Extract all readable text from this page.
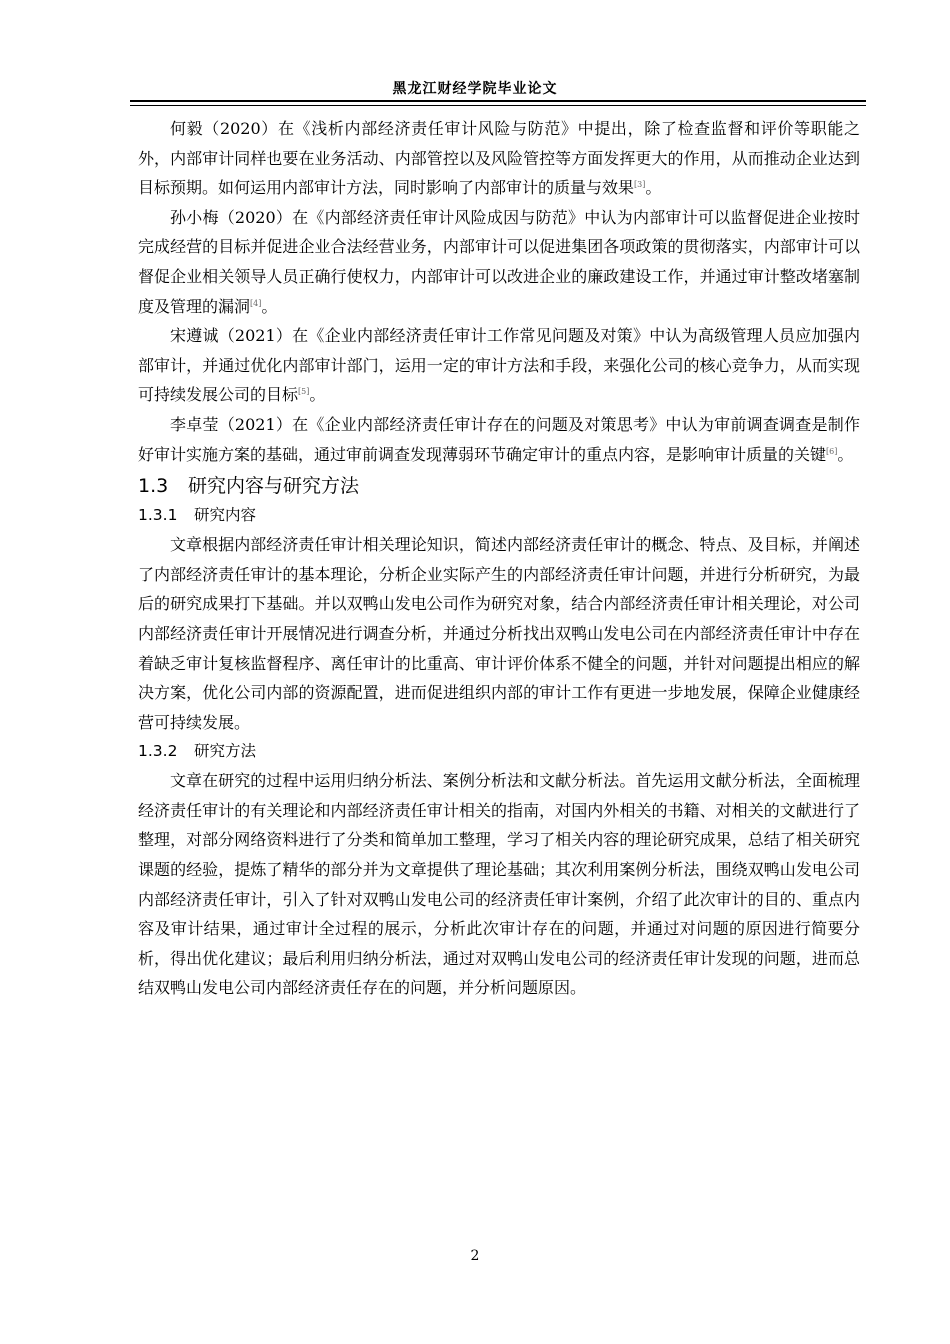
黑龙江财经学院毕业论文

何毅（2020）在《浅析内部经济责任审计风险与防范》中提出，除了检查监督和评价等职能之外，内部审计同样也要在业务活动、内部管控以及风险管控等方面发挥更大的作用，从而推动企业达到目标预期。如何运用内部审计方法，同时影响了内部审计的质量与效果[3]。

孙小梅（2020）在《内部经济责任审计风险成因与防范》中认为内部审计可以监督促进企业按时完成经营的目标并促进企业合法经营业务，内部审计可以促进集团各项政策的贯彻落实，内部审计可以督促企业相关领导人员正确行使权力，内部审计可以改进企业的廉政建设工作，并通过审计整改堵塞制度及管理的漏洞[4]。

宋遵诚（2021）在《企业内部经济责任审计工作常见问题及对策》中认为高级管理人员应加强内部审计，并通过优化内部审计部门，运用一定的审计方法和手段，来强化公司的核心竞争力，从而实现可持续发展公司的目标[5]。

李卓莹（2021）在《企业内部经济责任审计存在的问题及对策思考》中认为审前调查调查是制作好审计实施方案的基础，通过审前调查发现薄弱环节确定审计的重点内容，是影响审计质量的关键[6]。

1.3 研究内容与研究方法
1.3.1 研究内容

文章根据内部经济责任审计相关理论知识，简述内部经济责任审计的概念、特点、及目标，并阐述了内部经济责任审计的基本理论，分析企业实际产生的内部经济责任审计问题，并进行分析研究，为最后的研究成果打下基础。并以双鸭山发电公司作为研究对象，结合内部经济责任审计相关理论，对公司内部经济责任审计开展情况进行调查分析，并通过分析找出双鸭山发电公司在内部经济责任审计中存在着缺乏审计复核监督程序、离任审计的比重高、审计评价体系不健全的问题，并针对问题提出相应的解决方案，优化公司内部的资源配置，进而促进组织内部的审计工作有更进一步地发展，保障企业健康经营可持续发展。

1.3.2 研究方法

文章在研究的过程中运用归纳分析法、案例分析法和文献分析法。首先运用文献分析法，全面梳理经济责任审计的有关理论和内部经济责任审计相关的指南，对国内外相关的书籍、对相关的文献进行了整理，对部分网络资料进行了分类和简单加工整理，学习了相关内容的理论研究成果，总结了相关研究课题的经验，提炼了精华的部分并为文章提供了理论基础；其次利用案例分析法，围绕双鸭山发电公司内部经济责任审计，引入了针对双鸭山发电公司的经济责任审计案例，介绍了此次审计的目的、重点内容及审计结果，通过审计全过程的展示，分析此次审计存在的问题，并通过对问题的原因进行简要分析，得出优化建议；最后利用归纳分析法，通过对双鸭山发电公司的经济责任审计发现的问题，进而总结双鸭山发电公司内部经济责任存在的问题，并分析问题原因。

2
